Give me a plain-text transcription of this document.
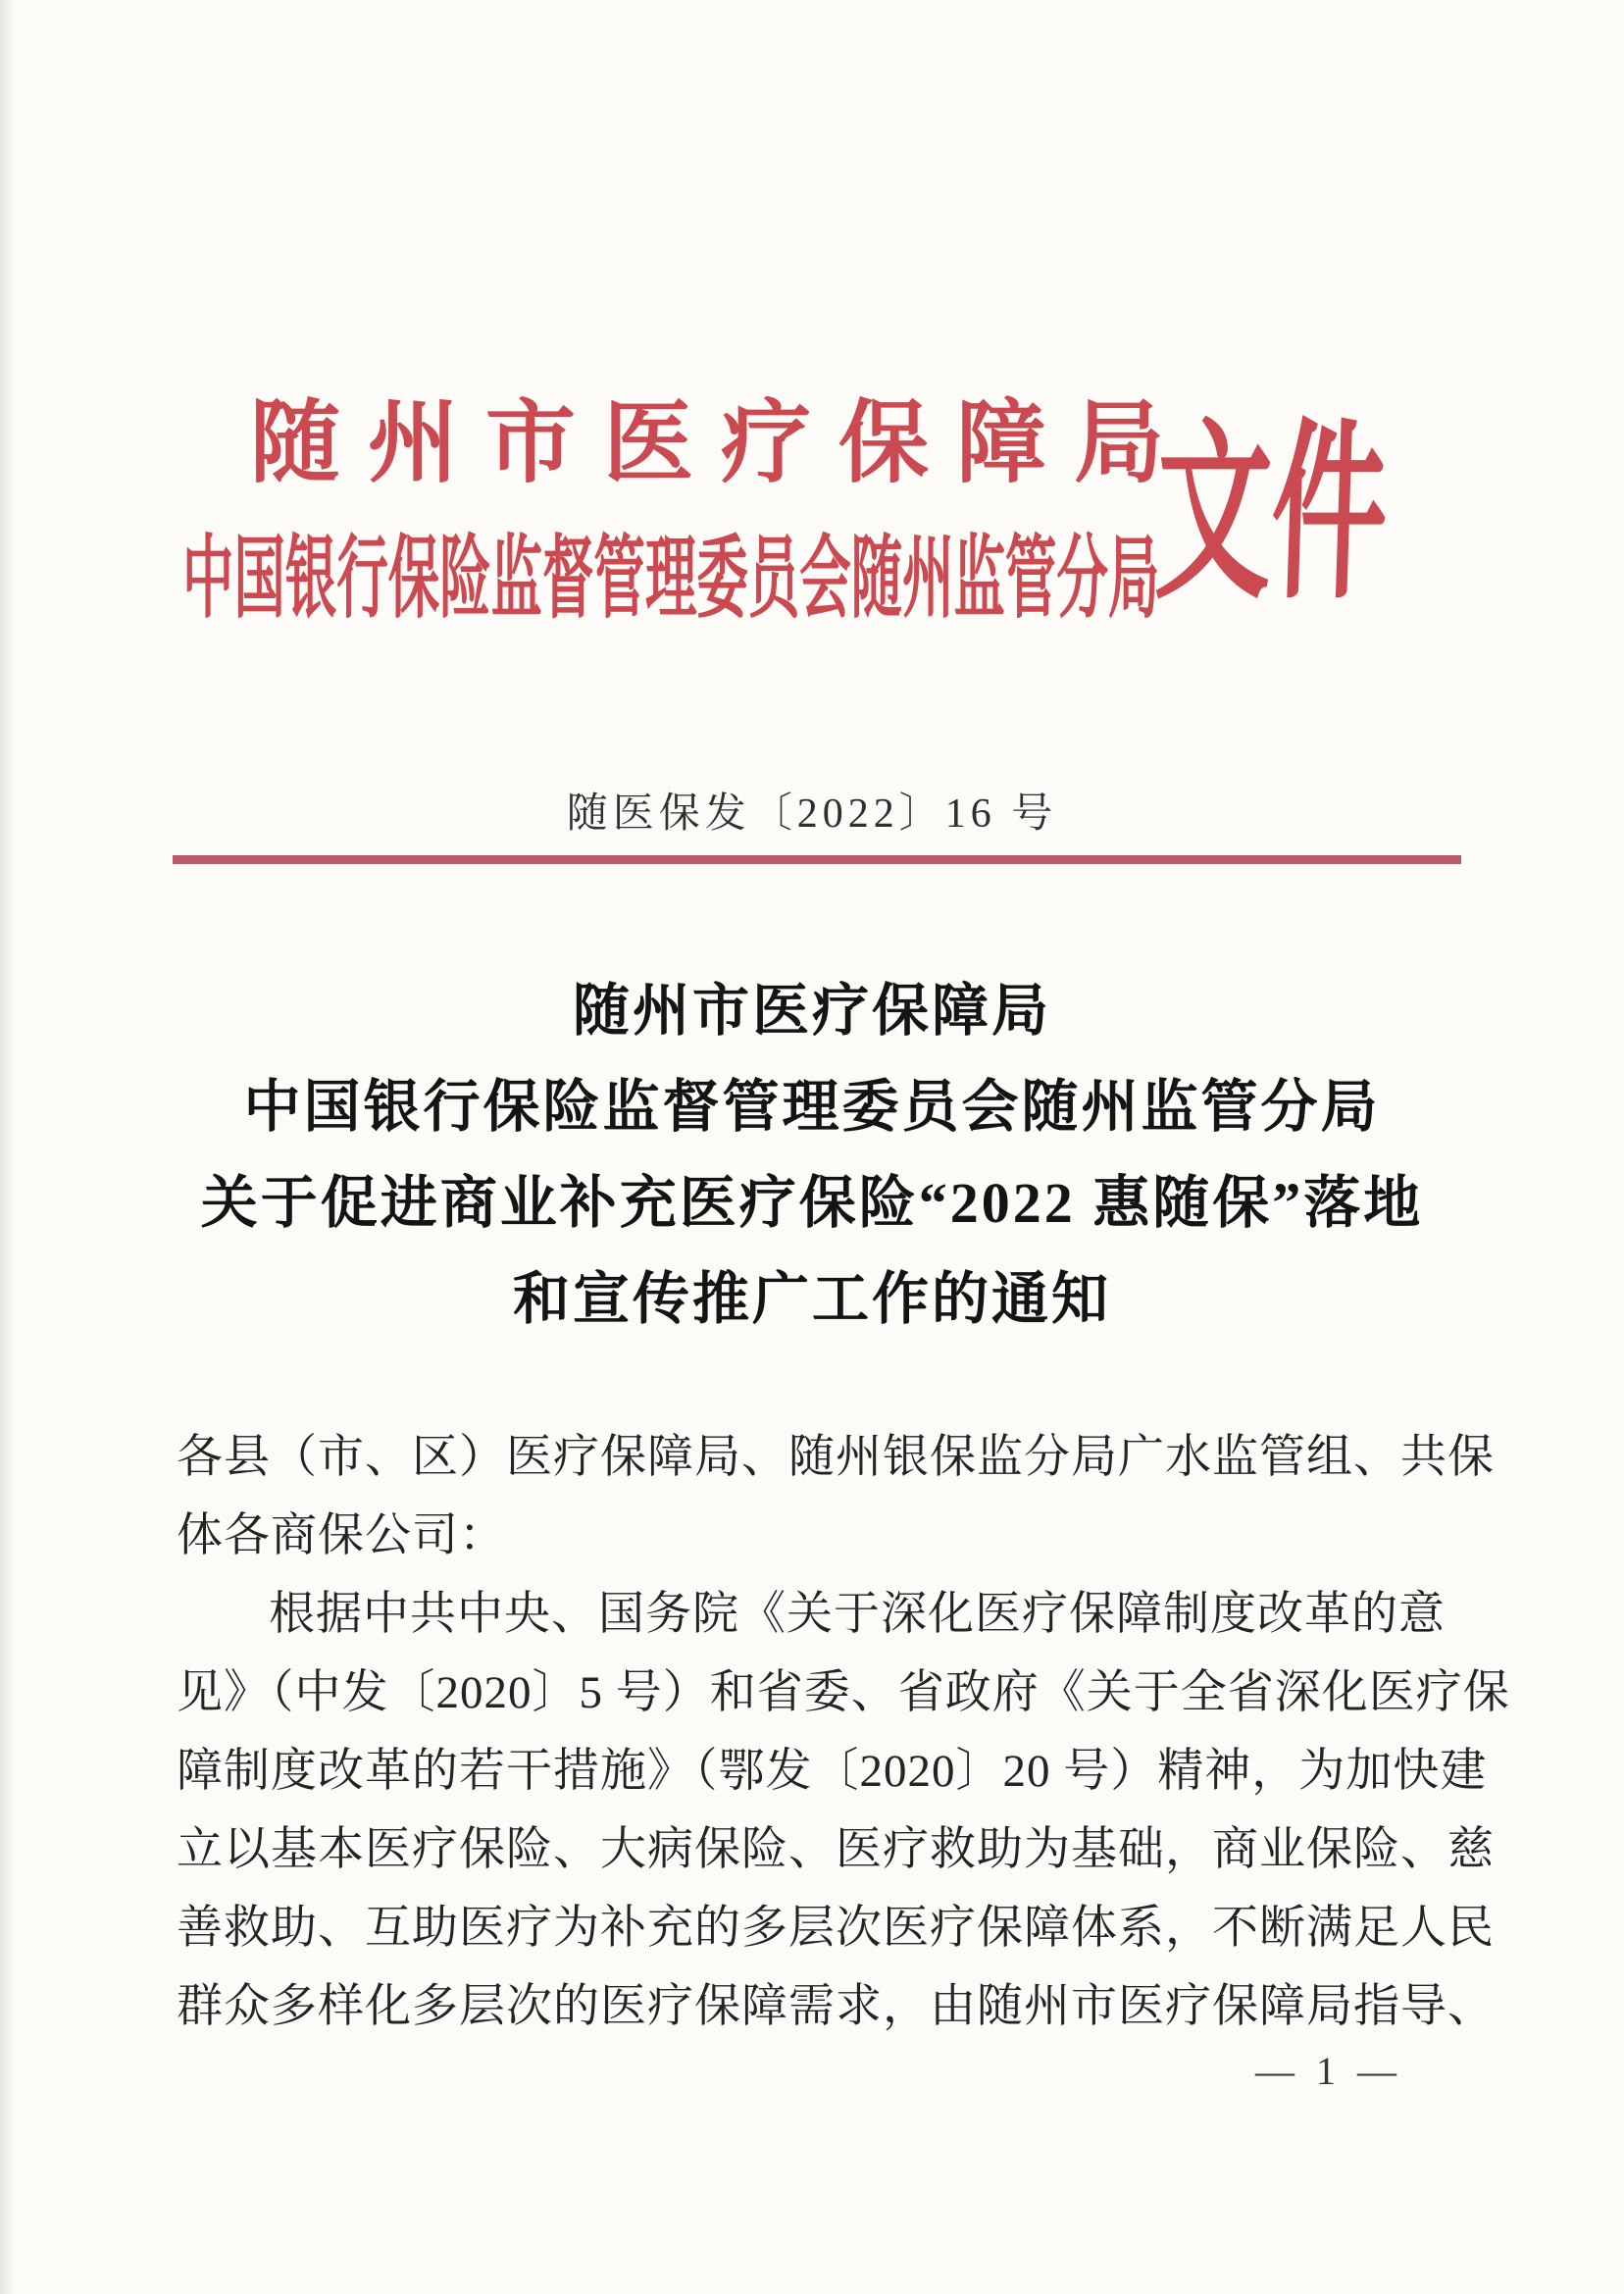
随州市医疗保障局
中国银行保险监督管理委员会随州监管分局
文件
随医保发〔2022〕16 号
随州市医疗保障局
中国银行保险监督管理委员会随州监管分局
关于促进商业补充医疗保险“2022 惠随保”落地
和宣传推广工作的通知
各县（市、区）医疗保障局、随州银保监分局广水监管组、共保
体各商保公司：
根据中共中央、国务院《关于深化医疗保障制度改革的意
见》（中发〔2020〕5 号）和省委、省政府《关于全省深化医疗保
障制度改革的若干措施》（鄂发〔2020〕20 号）精神，为加快建
立以基本医疗保险、大病保险、医疗救助为基础，商业保险、慈
善救助、互助医疗为补充的多层次医疗保障体系，不断满足人民
群众多样化多层次的医疗保障需求，由随州市医疗保障局指导、
— 1 —
